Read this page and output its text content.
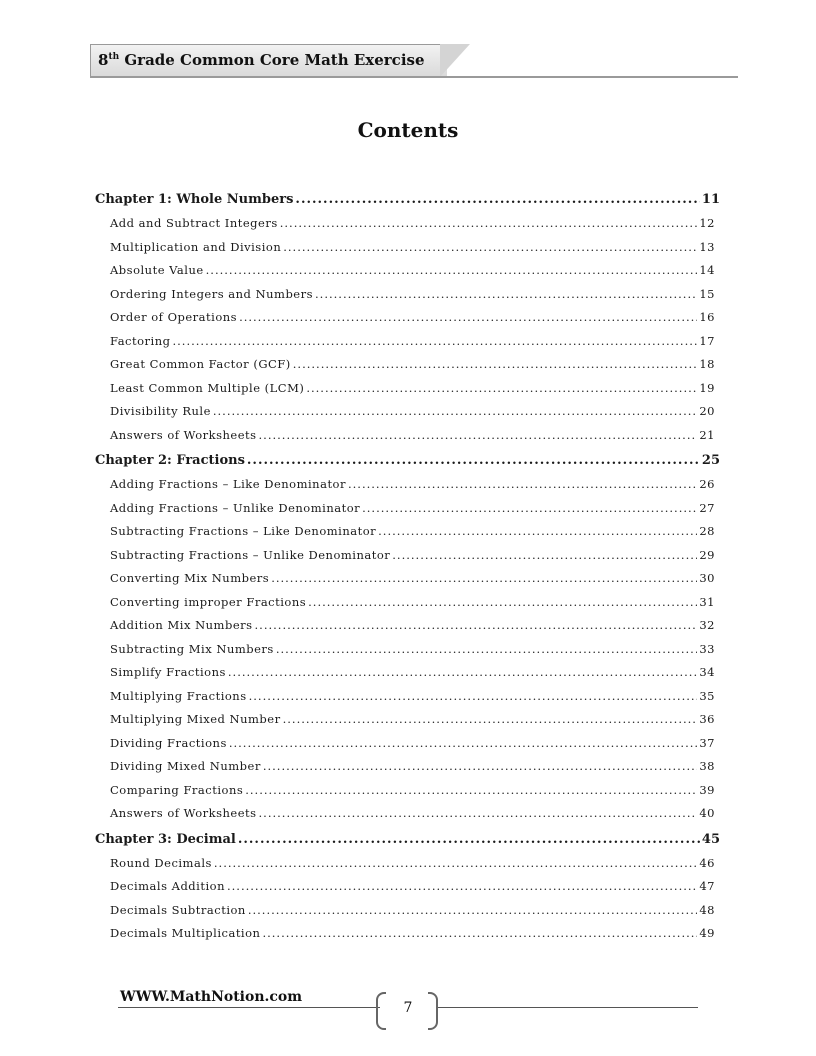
8th Grade Common Core Math Exercise
Contents
Chapter 1: Whole Numbers .....	11
Add and Subtract Integers .....	12
Multiplication and Division .....	13
Absolute Value .....	14
Ordering Integers and Numbers .....	15
Order of Operations .....	16
Factoring .....	17
Great Common Factor (GCF) .....	18
Least Common Multiple (LCM) .....	19
Divisibility Rule .....	20
Answers of Worksheets .....	21
Chapter 2: Fractions .....	25
Adding Fractions – Like Denominator .....	26
Adding Fractions – Unlike Denominator .....	27
Subtracting Fractions – Like Denominator .....	28
Subtracting Fractions – Unlike Denominator .....	29
Converting Mix Numbers .....	30
Converting improper Fractions .....	31
Addition Mix Numbers .....	32
Subtracting Mix Numbers .....	33
Simplify Fractions .....	34
Multiplying Fractions .....	35
Multiplying Mixed Number .....	36
Dividing Fractions .....	37
Dividing Mixed Number .....	38
Comparing Fractions .....	39
Answers of Worksheets .....	40
Chapter 3: Decimal .....	45
Round Decimals .....	46
Decimals Addition .....	47
Decimals Subtraction .....	48
Decimals Multiplication .....	49
WWW.MathNotion.com
7
